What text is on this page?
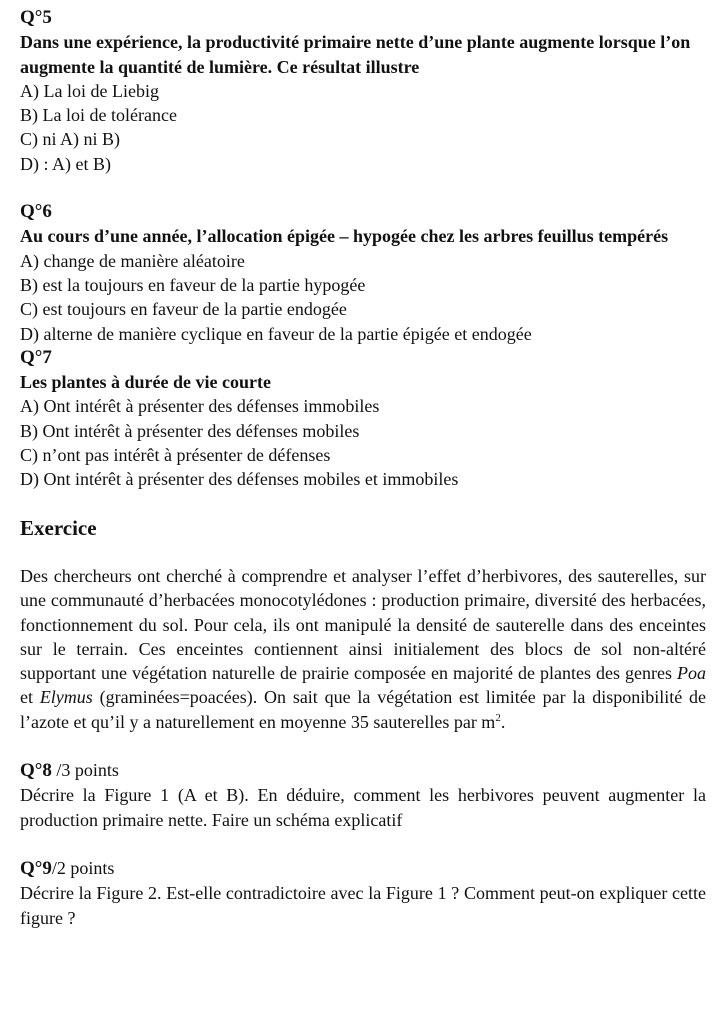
Q°5
Dans une expérience, la productivité primaire nette d’une plante augmente lorsque l’on augmente la quantité de lumière. Ce résultat illustre
A) La loi de Liebig
B) La loi de tolérance
C) ni A) ni B)
D) : A) et B)
Q°6
Au cours d’une année, l’allocation épigée – hypogée chez les arbres feuillus tempérés
A) change de manière aléatoire
B) est la toujours en faveur de la partie hypogée
C) est toujours en faveur de la partie endogée
D) alterne de manière cyclique en faveur de la partie épigée et endogée
Q°7
Les plantes à durée de vie courte
A) Ont intérêt à présenter des défenses immobiles
B) Ont intérêt à présenter des défenses mobiles
C) n’ont pas intérêt à présenter de défenses
D) Ont intérêt à présenter des défenses mobiles et immobiles
Exercice
Des chercheurs ont cherché à comprendre et analyser l’effet d’herbivores, des sauterelles, sur une communauté d’herbacées monocotylédones : production primaire, diversité des herbacées, fonctionnement du sol. Pour cela, ils ont manipulé la densité de sauterelle dans des enceintes sur le terrain. Ces enceintes contiennent ainsi initialement des blocs de sol non-altéré supportant une végétation naturelle de prairie composée en majorité de plantes des genres Poa et Elymus (graminées=poacées). On sait que la végétation est limitée par la disponibilité de l’azote et qu’il y a naturellement en moyenne 35 sauterelles par $m^2$.
Q°8 /3 points
Décrire la Figure 1 (A et B). En déduire, comment les herbivores peuvent augmenter la production primaire nette. Faire un schéma explicatif
Q°9/2 points
Décrire la Figure 2. Est-elle contradictoire avec la Figure 1 ? Comment peut-on expliquer cette figure ?
